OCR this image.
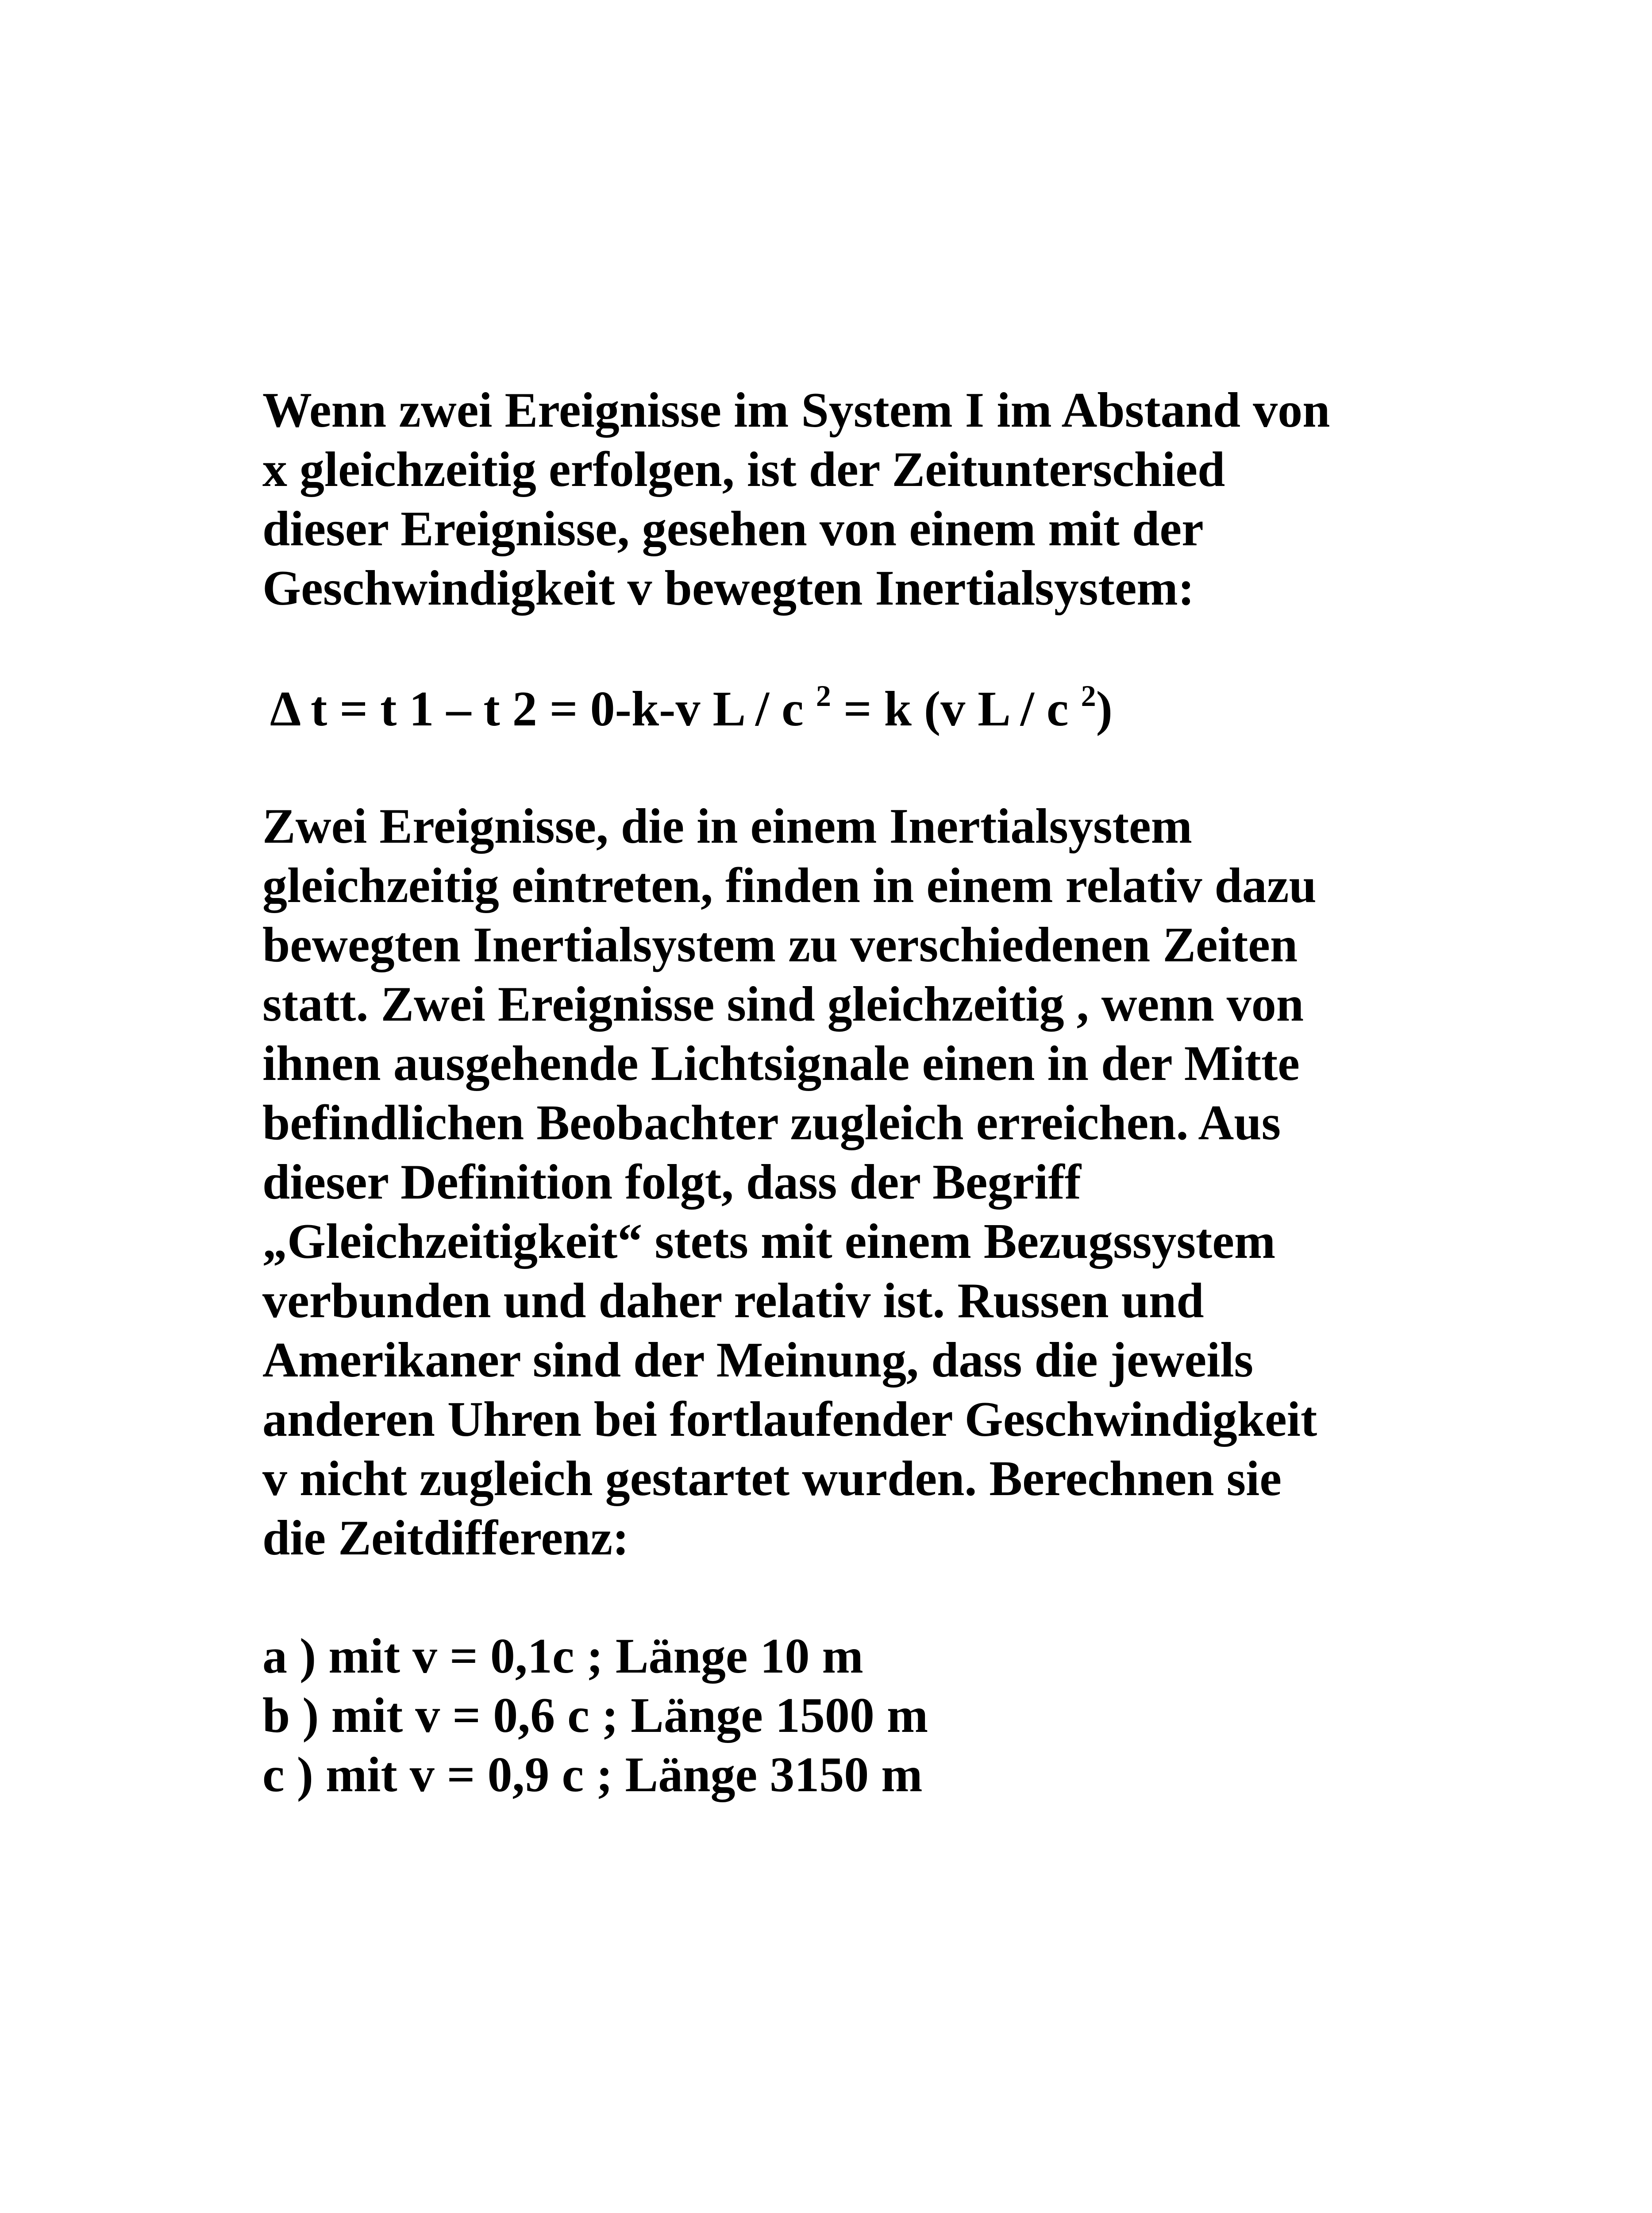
Wenn zwei Ereignisse im System I im Abstand von

x gleichzeitig erfolgen, ist der Zeitunterschied

dieser Ereignisse, gesehen von einem mit der

Geschwindigkeit v bewegten Inertialsystem:

Δ t = t 1 – t 2 = 0-k-v L / c $^2$ = k (v L / c $^2$)

Zwei Ereignisse, die in einem Inertialsystem

gleichzeitig eintreten, finden in einem relativ dazu

bewegten Inertialsystem zu verschiedenen Zeiten

statt. Zwei Ereignisse sind gleichzeitig , wenn von

ihnen ausgehende Lichtsignale einen in der Mitte

befindlichen Beobachter zugleich erreichen. Aus

dieser Definition folgt, dass der Begriff

„Gleichzeitigkeit“ stets mit einem Bezugssystem

verbunden und daher relativ ist. Russen und

Amerikaner sind der Meinung, dass die jeweils

anderen Uhren bei fortlaufender Geschwindigkeit

v nicht zugleich gestartet wurden. Berechnen sie

die Zeitdifferenz:

a ) mit v = 0,1c ; Länge 10 m

b ) mit v = 0,6 c ; Länge 1500 m

c ) mit v = 0,9 c ; Länge 3150 m
